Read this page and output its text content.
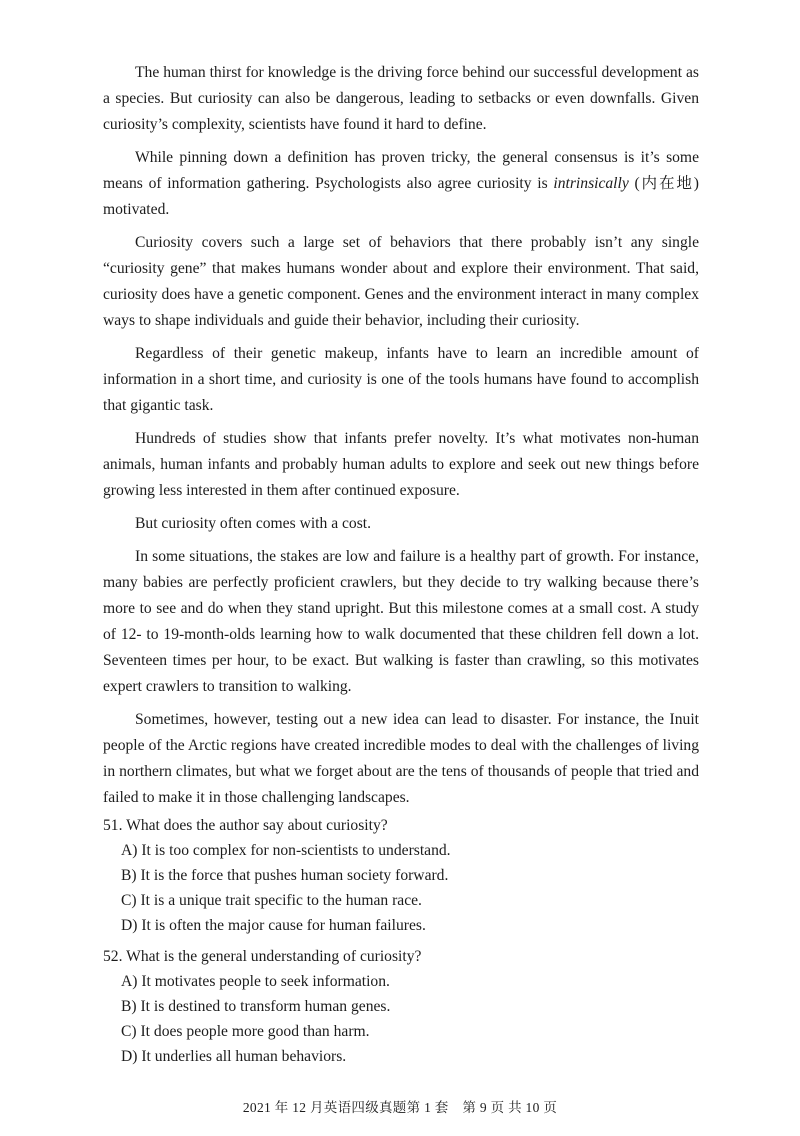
The human thirst for knowledge is the driving force behind our successful development as a species. But curiosity can also be dangerous, leading to setbacks or even downfalls. Given curiosity’s complexity, scientists have found it hard to define.

While pinning down a definition has proven tricky, the general consensus is it’s some means of information gathering. Psychologists also agree curiosity is intrinsically (内在地) motivated.

Curiosity covers such a large set of behaviors that there probably isn’t any single “curiosity gene” that makes humans wonder about and explore their environment. That said, curiosity does have a genetic component. Genes and the environment interact in many complex ways to shape individuals and guide their behavior, including their curiosity.

Regardless of their genetic makeup, infants have to learn an incredible amount of information in a short time, and curiosity is one of the tools humans have found to accomplish that gigantic task.

Hundreds of studies show that infants prefer novelty. It’s what motivates non-human animals, human infants and probably human adults to explore and seek out new things before growing less interested in them after continued exposure.

But curiosity often comes with a cost.

In some situations, the stakes are low and failure is a healthy part of growth. For instance, many babies are perfectly proficient crawlers, but they decide to try walking because there’s more to see and do when they stand upright. But this milestone comes at a small cost. A study of 12- to 19-month-olds learning how to walk documented that these children fell down a lot. Seventeen times per hour, to be exact. But walking is faster than crawling, so this motivates expert crawlers to transition to walking.

Sometimes, however, testing out a new idea can lead to disaster. For instance, the Inuit people of the Arctic regions have created incredible modes to deal with the challenges of living in northern climates, but what we forget about are the tens of thousands of people that tried and failed to make it in those challenging landscapes.

51. What does the author say about curiosity?
A) It is too complex for non-scientists to understand.
B) It is the force that pushes human society forward.
C) It is a unique trait specific to the human race.
D) It is often the major cause for human failures.
52. What is the general understanding of curiosity?
A) It motivates people to seek information.
B) It is destined to transform human genes.
C) It does people more good than harm.
D) It underlies all human behaviors.
2021 年 12 月英语四级真题第 1 套　第 9 页 共 10 页
